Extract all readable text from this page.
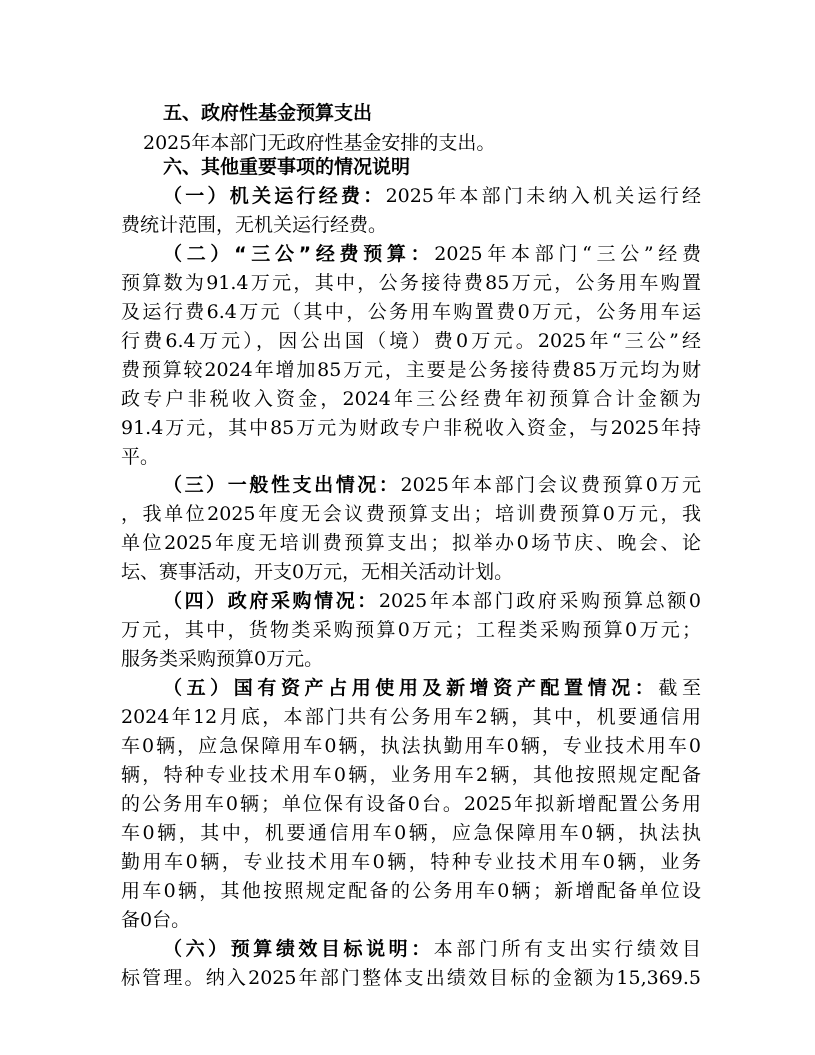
五、政府性基金预算支出
2025年本部门无政府性基金安排的支出。
六、其他重要事项的情况说明
（一）机关运行经费：2025年本部门未纳入机关运行经
费统计范围，无机关运行经费。
（二）“三公”经费预算：2025年本部门“三公”经费
预算数为91.4万元，其中，公务接待费85万元，公务用车购置
及运行费6.4万元（其中，公务用车购置费0万元，公务用车运
行费6.4万元），因公出国（境）费0万元。2025年“三公”经
费预算较2024年增加85万元，主要是公务接待费85万元均为财
政专户非税收入资金，2024年三公经费年初预算合计金额为
91.4万元，其中85万元为财政专户非税收入资金，与2025年持
平。
（三）一般性支出情况：2025年本部门会议费预算0万元
，我单位2025年度无会议费预算支出；培训费预算0万元，我
单位2025年度无培训费预算支出；拟举办0场节庆、晚会、论
坛、赛事活动，开支0万元，无相关活动计划。
（四）政府采购情况：2025年本部门政府采购预算总额0
万元，其中，货物类采购预算0万元；工程类采购预算0万元；
服务类采购预算0万元。
（五）国有资产占用使用及新增资产配置情况：截至
2024年12月底，本部门共有公务用车2辆，其中，机要通信用
车0辆，应急保障用车0辆，执法执勤用车0辆，专业技术用车0
辆，特种专业技术用车0辆，业务用车2辆，其他按照规定配备
的公务用车0辆；单位保有设备0台。2025年拟新增配置公务用
车0辆，其中，机要通信用车0辆，应急保障用车0辆，执法执
勤用车0辆，专业技术用车0辆，特种专业技术用车0辆，业务
用车0辆，其他按照规定配备的公务用车0辆；新增配备单位设
备0台。
（六）预算绩效目标说明：本部门所有支出实行绩效目
标管理。纳入2025年部门整体支出绩效目标的金额为15,369.5
